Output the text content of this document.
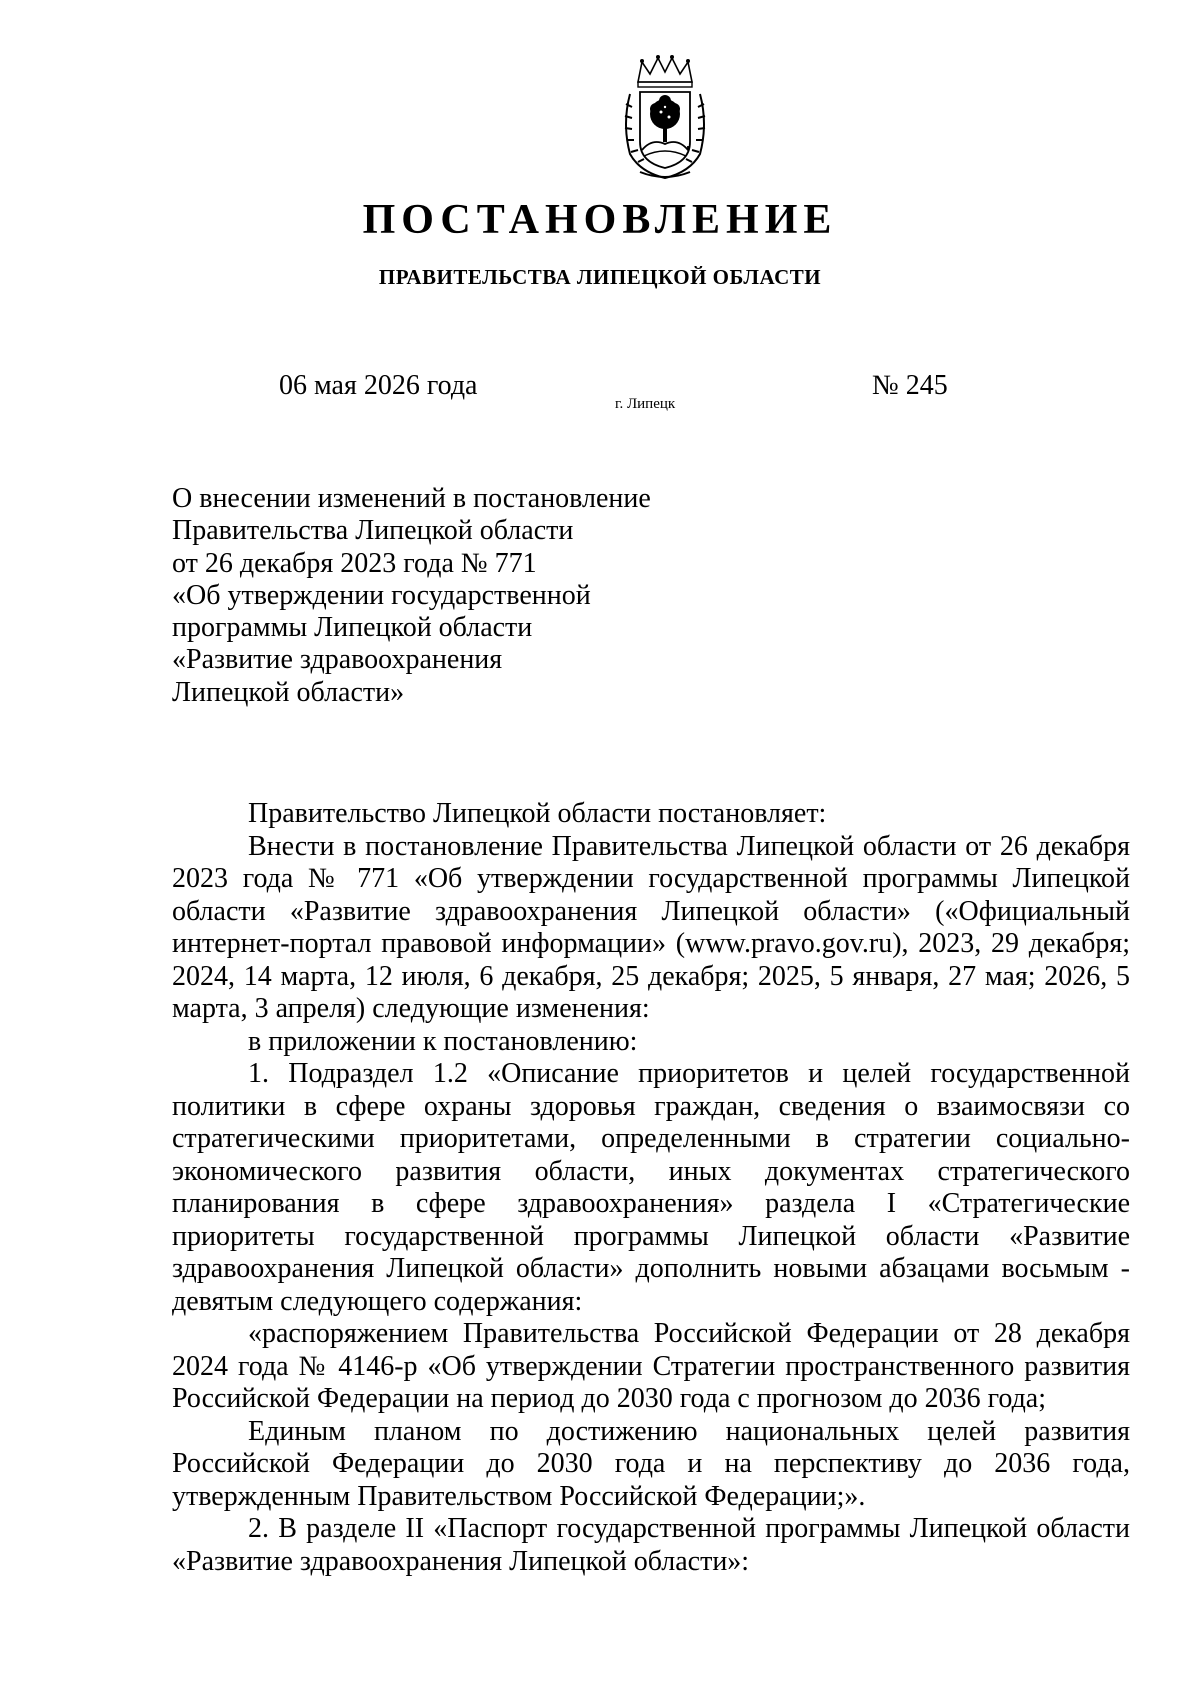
ПОСТАНОВЛЕНИЕ
ПРАВИТЕЛЬСТВА ЛИПЕЦКОЙ ОБЛАСТИ
06 мая 2026 года
г. Липецк
№ 245
О внесении изменений в постановление
Правительства Липецкой области
от 26 декабря 2023 года № 771
«Об утверждении государственной
программы Липецкой области
«Развитие здравоохранения
Липецкой области»

Правительство Липецкой области постановляет:

Внести в постановление Правительства Липецкой области от 26 декабря 2023 года № 771 «Об утверждении государственной программы Липецкой области «Развитие здравоохранения Липецкой области» («Официальный интернет-портал правовой информации» (www.pravo.gov.ru), 2023, 29 декабря; 2024, 14 марта, 12 июля, 6 декабря, 25 декабря; 2025, 5 января, 27 мая; 2026, 5 марта, 3 апреля) следующие изменения:

в приложении к постановлению:

1. Подраздел 1.2 «Описание приоритетов и целей государственной политики в сфере охраны здоровья граждан, сведения о взаимосвязи со стратегическими приоритетами, определенными в стратегии социально-экономического развития области, иных документах стратегического планирования в сфере здравоохранения» раздела I «Стратегические приоритеты государственной программы Липецкой области «Развитие здравоохранения Липецкой области» дополнить новыми абзацами восьмым - девятым следующего содержания:

«распоряжением Правительства Российской Федерации от 28 декабря 2024 года № 4146-р «Об утверждении Стратегии пространственного развития Российской Федерации на период до 2030 года с прогнозом до 2036 года;

Единым планом по достижению национальных целей развития Российской Федерации до 2030 года и на перспективу до 2036 года, утвержденным Правительством Российской Федерации;».

2. В разделе II «Паспорт государственной программы Липецкой области «Развитие здравоохранения Липецкой области»:
